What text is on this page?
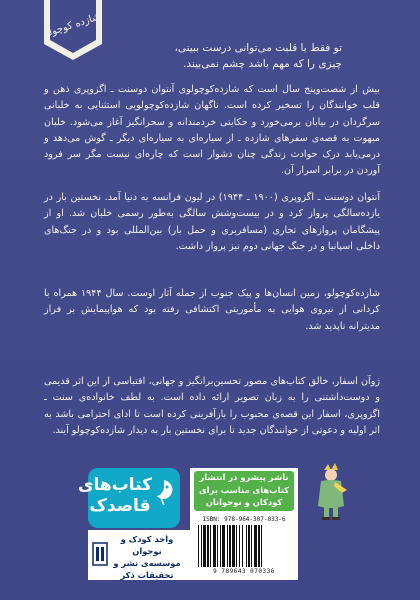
شازده کوچولو
تو فقط با قلبت می‌توانی درست ببینی،
چیزی را که مهم باشد چشم نمی‌بیند.
بیش از شصت‌وپنج سال است که شازده‌کوچولوی آنتوان دوسنت ـ اگزوپری ذهن و قلب خوانندگان را تسخیر کرده است. ناگهان شازده‌کوچولویی استثنایی به خلبانی سرگردان در بیابان برمی‌خورد و حکایتی خردمندانه و سحرانگیز آغاز می‌شود. خلبان مبهوت به قصه‌ی سفرهای شازده ـ از سیاره‌ای به سیاره‌ای دیگر ـ گوش می‌دهد و درمی‌یابد درک حوادث زندگی چنان دشوار است که چاره‌ای نیست مگر سر فرود آوردن در برابر اسرار آن.
آنتوان دوسنت ـ اگزوپری (۱۹۰۰ ـ ۱۹۴۴) در لیون فرانسه به دنیا آمد. نخستین بار در یازده‌سالگی پرواز کرد و در بیست‌وشش سالگی به‌طور رسمی خلبان شد. او از پیشگامان پروازهای تجاری (مسافربری و حمل بار) بین‌المللی بود و در جنگ‌های داخلی اسپانیا و در جنگ جهانی دوم نیز پرواز داشت.
شازده‌کوچولو، زمین انسان‌ها و پیک جنوب از جمله آثار اوست. سال ۱۹۴۴ همراه با کردانی از نیروی هوایی به مأموریتی اکتشافی رفته بود که هواپیمایش بر فراز مدیترانه ناپدید شد.
ژوآن اسفار، خالق کتاب‌های مصور تحسین‌برانگیز و جهانی، اقتباسی از این اثر قدیمی و دوست‌داشتنی را به زبان تصویر ارائه داده است. به لطف خانواده‌ی سنت ـ اگزوپری، اسفار این قصه‌ی محبوب را بازآفرینی کرده است تا ادای احترامی باشد به اثر اولیه و دعوتی از خوانندگان جدید تا برای نخستین بار به دیدار شازده‌کوچولو آیند.
کتاب‌های
قاصدک
واحد کودک و نوجوان
موسسه‌ی نشر و
تحقیقات ذکر
ناشر پیشرو در انتشار
کتاب‌های مناسب برای
کودکان و نوجوانان
ISBN: 978-964-307-033-6
9 789643 070336
